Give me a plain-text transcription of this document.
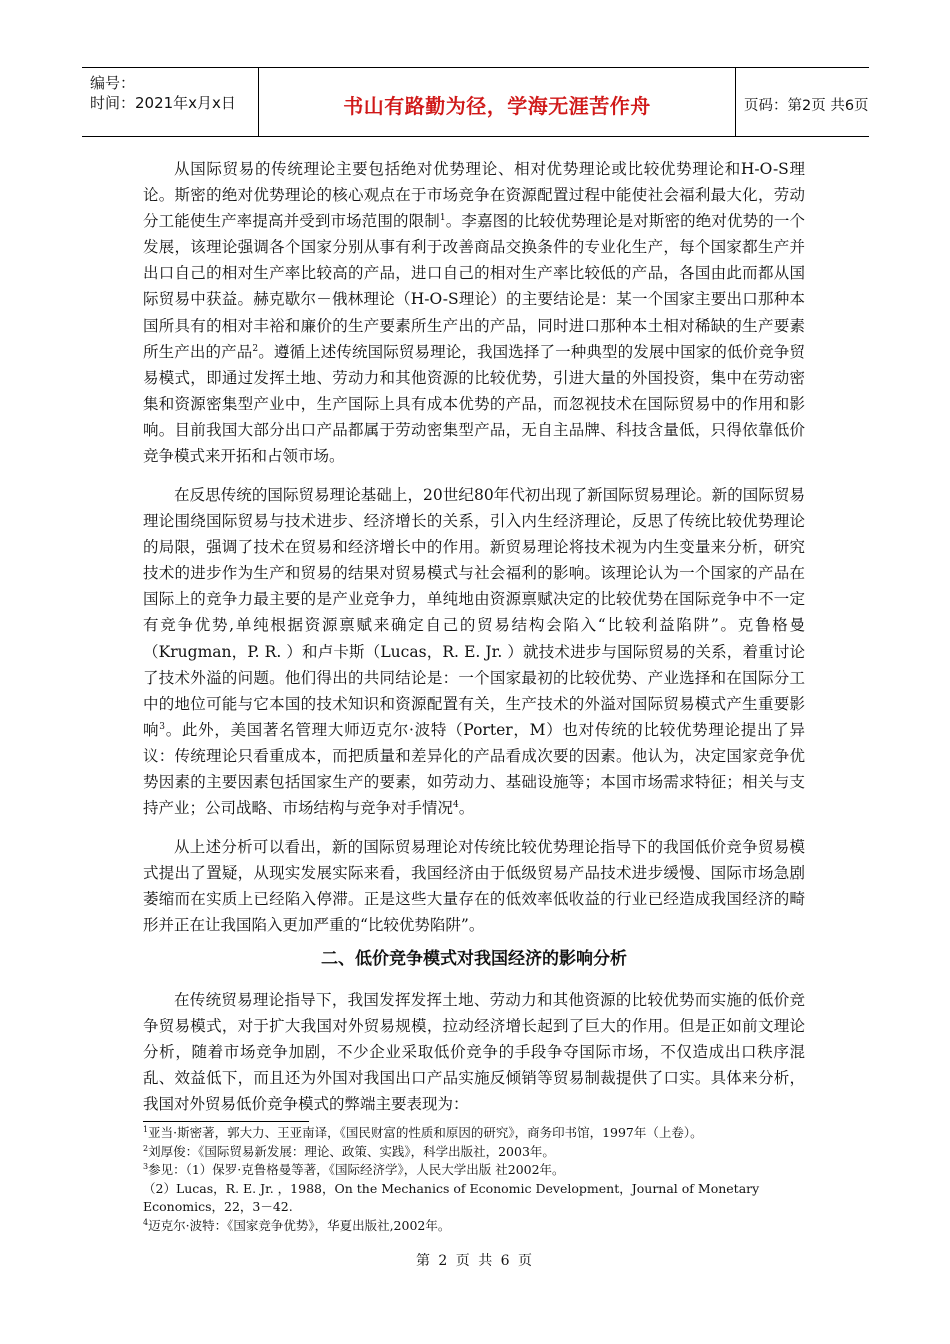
编号：
时间：2021年x月x日	书山有路勤为径，学海无涯苦作舟	页码：第2页 共6页

从国际贸易的传统理论主要包括绝对优势理论、相对优势理论或比较优势理论和H-O-S理论。斯密的绝对优势理论的核心观点在于市场竞争在资源配置过程中能使社会福利最大化，劳动分工能使生产率提高并受到市场范围的限制$^1$。李嘉图的比较优势理论是对斯密的绝对优势的一个发展，该理论强调各个国家分别从事有利于改善商品交换条件的专业化生产，每个国家都生产并出口自己的相对生产率比较高的产品，进口自己的相对生产率比较低的产品，各国由此而都从国际贸易中获益。赫克歇尔－俄林理论（H-O-S理论）的主要结论是：某一个国家主要出口那种本国所具有的相对丰裕和廉价的生产要素所生产出的产品，同时进口那种本土相对稀缺的生产要素所生产出的产品$^2$。遵循上述传统国际贸易理论，我国选择了一种典型的发展中国家的低价竞争贸易模式，即通过发挥土地、劳动力和其他资源的比较优势，引进大量的外国投资，集中在劳动密集和资源密集型产业中，生产国际上具有成本优势的产品，而忽视技术在国际贸易中的作用和影响。目前我国大部分出口产品都属于劳动密集型产品，无自主品牌、科技含量低，只得依靠低价竞争模式来开拓和占领市场。

在反思传统的国际贸易理论基础上，20世纪80年代初出现了新国际贸易理论。新的国际贸易理论围绕国际贸易与技术进步、经济增长的关系，引入内生经济理论，反思了传统比较优势理论的局限，强调了技术在贸易和经济增长中的作用。新贸易理论将技术视为内生变量来分析，研究技术的进步作为生产和贸易的结果对贸易模式与社会福利的影响。该理论认为一个国家的产品在国际上的竞争力最主要的是产业竞争力，单纯地由资源禀赋决定的比较优势在国际竞争中不一定有竞争优势,单纯根据资源禀赋来确定自己的贸易结构会陷入“比较利益陷阱”。克鲁格曼（Krugman，P. R. ）和卢卡斯（Lucas，R. E. Jr. ）就技术进步与国际贸易的关系，着重讨论了技术外溢的问题。他们得出的共同结论是：一个国家最初的比较优势、产业选择和在国际分工中的地位可能与它本国的技术知识和资源配置有关，生产技术的外溢对国际贸易模式产生重要影响$^3$。此外，美国著名管理大师迈克尔·波特（Porter，M）也对传统的比较优势理论提出了异议：传统理论只看重成本，而把质量和差异化的产品看成次要的因素。他认为，决定国家竞争优势因素的主要因素包括国家生产的要素，如劳动力、基础设施等；本国市场需求特征；相关与支持产业；公司战略、市场结构与竞争对手情况$^4$。

从上述分析可以看出，新的国际贸易理论对传统比较优势理论指导下的我国低价竞争贸易模式提出了置疑，从现实发展实际来看，我国经济由于低级贸易产品技术进步缓慢、国际市场急剧萎缩而在实质上已经陷入停滞。正是这些大量存在的低效率低收益的行业已经造成我国经济的畸形并正在让我国陷入更加严重的“比较优势陷阱”。

二、低价竞争模式对我国经济的影响分析

在传统贸易理论指导下，我国发挥发挥土地、劳动力和其他资源的比较优势而实施的低价竞争贸易模式，对于扩大我国对外贸易规模，拉动经济增长起到了巨大的作用。但是正如前文理论分析，随着市场竞争加剧，不少企业采取低价竞争的手段争夺国际市场，不仅造成出口秩序混乱、效益低下，而且还为外国对我国出口产品实施反倾销等贸易制裁提供了口实。具体来分析，我国对外贸易低价竞争模式的弊端主要表现为：

$^1$亚当·斯密著，郭大力、王亚南译，《国民财富的性质和原因的研究》，商务印书馆，1997年（上卷）。
$^2$刘厚俊：《国际贸易新发展：理论、政策、实践》，科学出版社，2003年。
$^3$参见：（1）保罗·克鲁格曼等著，《国际经济学》，人民大学出版 社2002年。
（2）Lucas，R. E. Jr. ，1988，On the Mechanics of Economic Development，Journal of Monetary
Economics，22，3－42.
$^4$迈克尔·波特：《国家竞争优势》，华夏出版社,2002年。
第 2 页 共 6 页
